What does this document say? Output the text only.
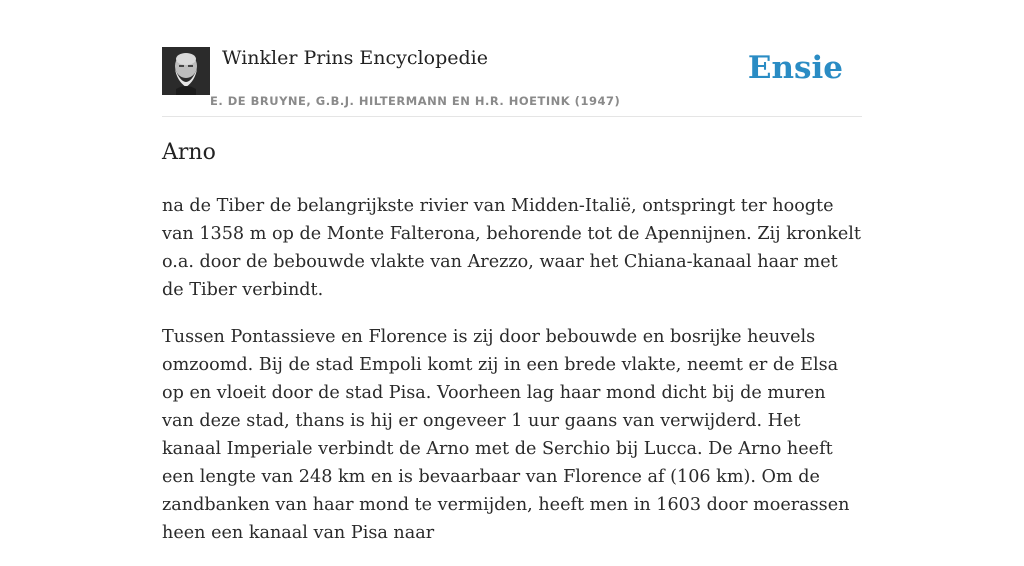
Winkler Prins Encyclopedie
E. DE BRUYNE, G.B.J. HILTERMANN EN H.R. HOETINK (1947)
Ensie
Arno

na de Tiber de belangrijkste rivier van Midden-Italië, ontspringt ter hoogte van 1358 m op de Monte Falterona, behorende tot de Apennijnen. Zij kronkelt o.a. door de bebouwde vlakte van Arezzo, waar het Chiana-kanaal haar met de Tiber verbindt.

Tussen Pontassieve en Florence is zij door bebouwde en bosrijke heuvels omzoomd. Bij de stad Empoli komt zij in een brede vlakte, neemt er de Elsa op en vloeit door de stad Pisa. Voorheen lag haar mond dicht bij de muren van deze stad, thans is hij er ongeveer 1 uur gaans van verwijderd. Het kanaal Imperiale verbindt de Arno met de Serchio bij Lucca. De Arno heeft een lengte van 248 km en is bevaarbaar van Florence af (106 km). Om de zandbanken van haar mond te vermijden, heeft men in 1603 door moerassen heen een kanaal van Pisa naar
